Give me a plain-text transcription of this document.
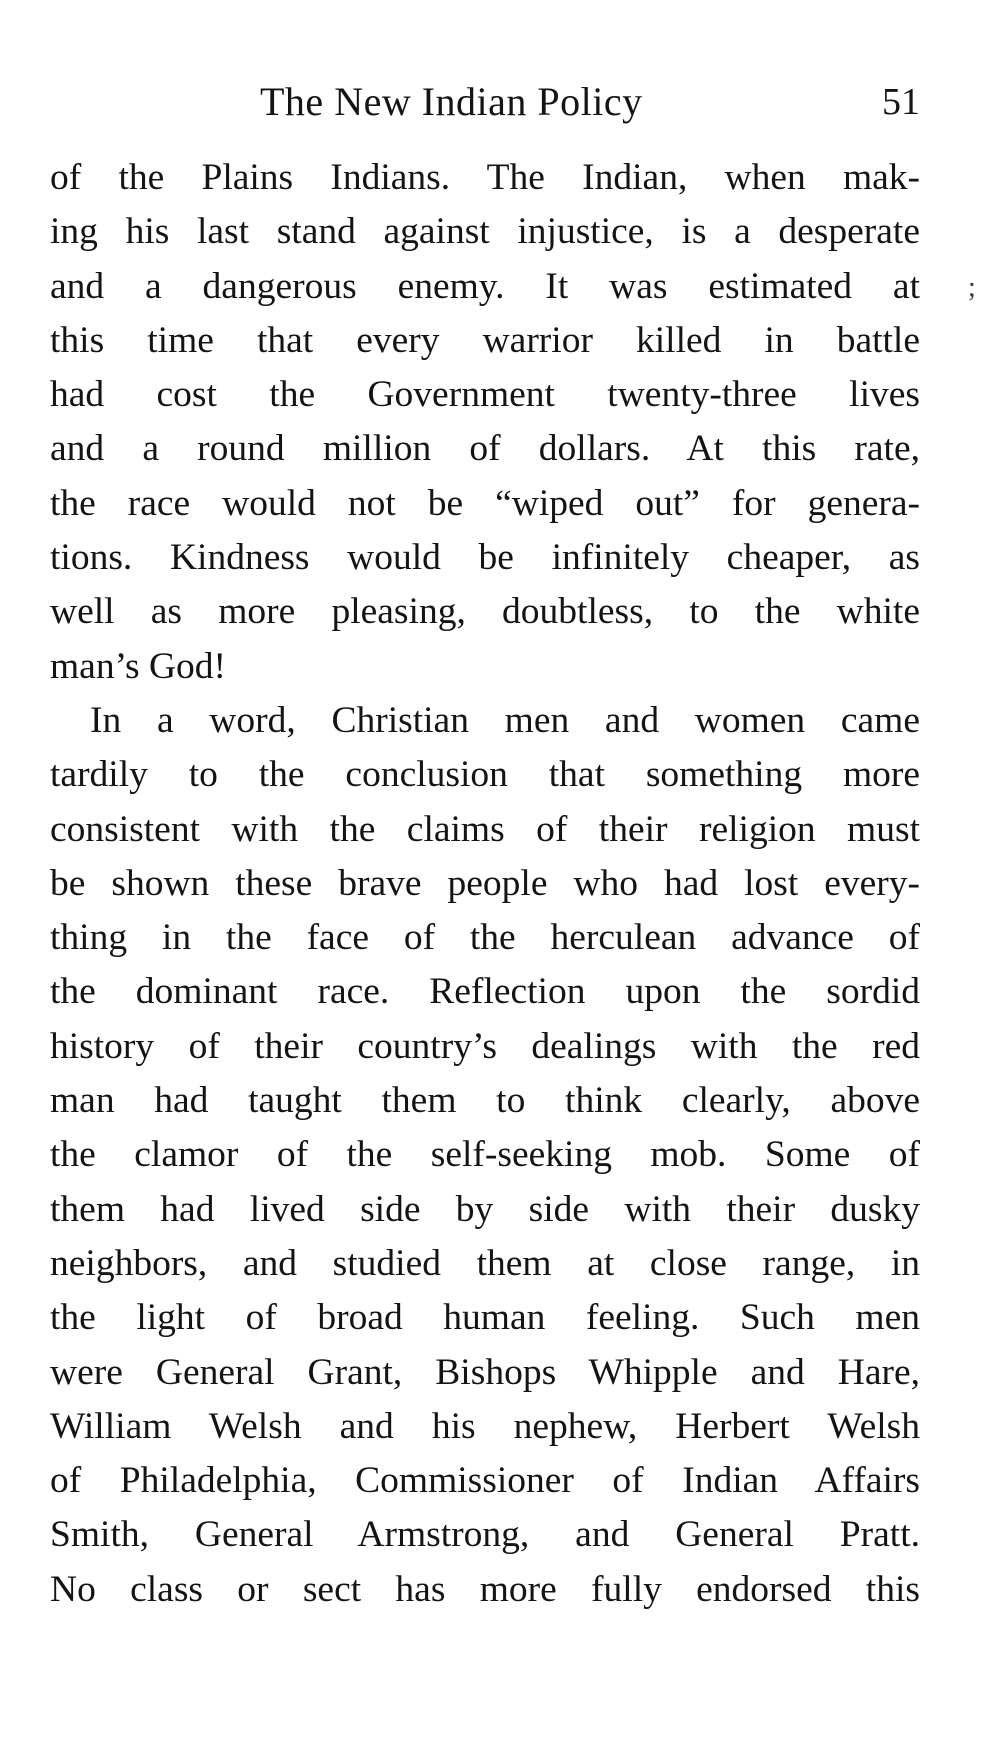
The New Indian Policy	51
;
of the Plains Indians. The Indian, when mak-
ing his last stand against injustice, is a desperate
and a dangerous enemy. It was estimated at
this time that every warrior killed in battle
had cost the Government twenty-three lives
and a round million of dollars. At this rate,
the race would not be “wiped out” for genera-
tions. Kindness would be infinitely cheaper, as
well as more pleasing, doubtless, to the white
man’s God!
In a word, Christian men and women came
tardily to the conclusion that something more
consistent with the claims of their religion must
be shown these brave people who had lost every-
thing in the face of the herculean advance of
the dominant race. Reflection upon the sordid
history of their country’s dealings with the red
man had taught them to think clearly, above
the clamor of the self-seeking mob. Some of
them had lived side by side with their dusky
neighbors, and studied them at close range, in
the light of broad human feeling. Such men
were General Grant, Bishops Whipple and Hare,
William Welsh and his nephew, Herbert Welsh
of Philadelphia, Commissioner of Indian Affairs
Smith, General Armstrong, and General Pratt.
No class or sect has more fully endorsed this
